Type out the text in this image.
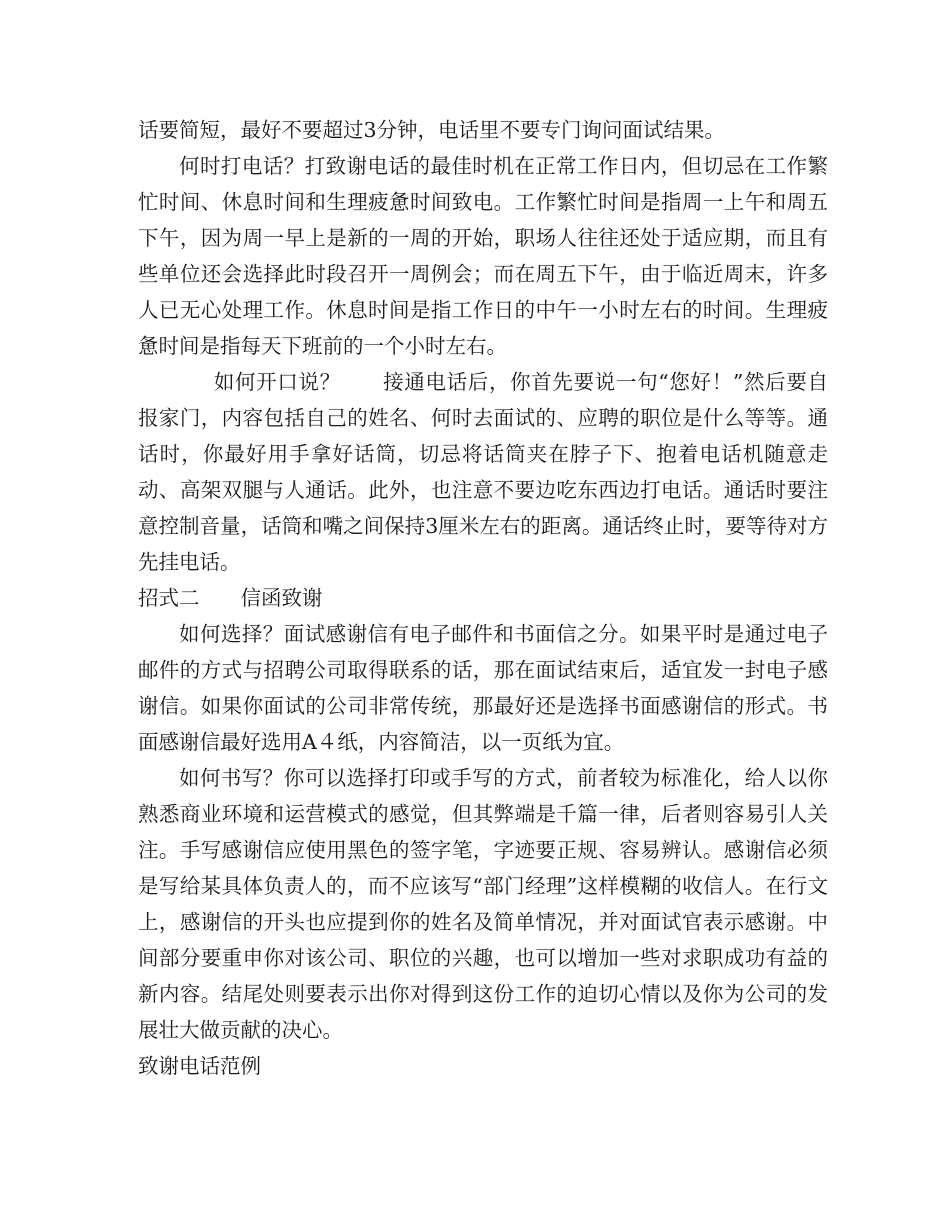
话要简短，最好不要超过3分钟，电话里不要专门询问面试结果。

何时打电话？打致谢电话的最佳时机在正常工作日内，但切忌在工作繁忙时间、休息时间和生理疲惫时间致电。工作繁忙时间是指周一上午和周五下午，因为周一早上是新的一周的开始，职场人往往还处于适应期，而且有些单位还会选择此时段召开一周例会；而在周五下午，由于临近周末，许多人已无心处理工作。休息时间是指工作日的中午一小时左右的时间。生理疲惫时间是指每天下班前的一个小时左右。

如何开口说？　　接通电话后，你首先要说一句“您好！”然后要自报家门，内容包括自己的姓名、何时去面试的、应聘的职位是什么等等。通话时，你最好用手拿好话筒，切忌将话筒夹在脖子下、抱着电话机随意走动、高架双腿与人通话。此外，也注意不要边吃东西边打电话。通话时要注意控制音量，话筒和嘴之间保持3厘米左右的距离。通话终止时，要等待对方先挂电话。

招式二　　信函致谢

如何选择？面试感谢信有电子邮件和书面信之分。如果平时是通过电子邮件的方式与招聘公司取得联系的话，那在面试结束后，适宜发一封电子感谢信。如果你面试的公司非常传统，那最好还是选择书面感谢信的形式。书面感谢信最好选用A４纸，内容简洁，以一页纸为宜。

如何书写？你可以选择打印或手写的方式，前者较为标准化，给人以你熟悉商业环境和运营模式的感觉，但其弊端是千篇一律，后者则容易引人关注。手写感谢信应使用黑色的签字笔，字迹要正规、容易辨认。感谢信必须是写给某具体负责人的，而不应该写“部门经理”这样模糊的收信人。在行文上，感谢信的开头也应提到你的姓名及简单情况，并对面试官表示感谢。中间部分要重申你对该公司、职位的兴趣，也可以增加一些对求职成功有益的新内容。结尾处则要表示出你对得到这份工作的迫切心情以及你为公司的发展壮大做贡献的决心。

致谢电话范例
